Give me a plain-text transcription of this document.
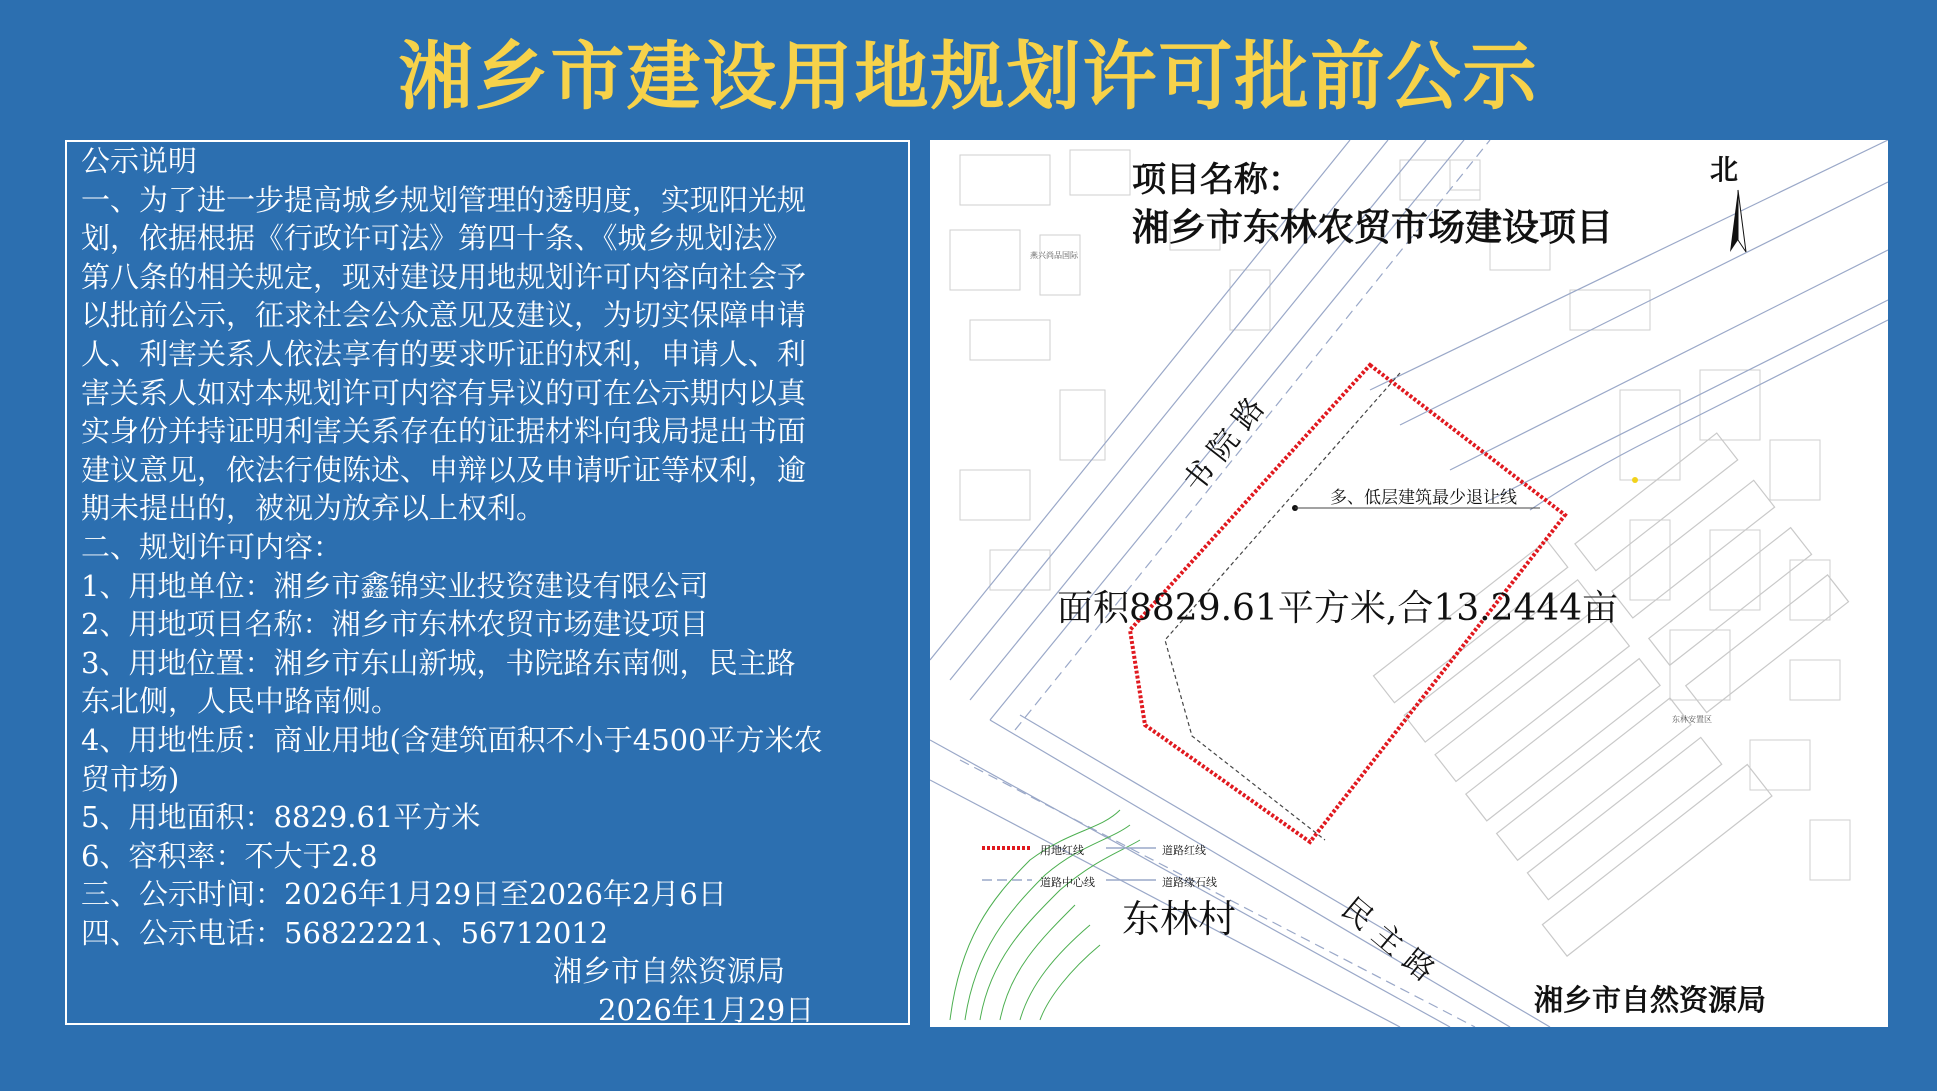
湘乡市建设用地规划许可批前公示
公示说明
一、为了进一步提高城乡规划管理的透明度，实现阳光规
划，依据根据《行政许可法》第四十条、《城乡规划法》
第八条的相关规定，现对建设用地规划许可内容向社会予
以批前公示，征求社会公众意见及建议，为切实保障申请
人、利害关系人依法享有的要求听证的权利，申请人、利
害关系人如对本规划许可内容有异议的可在公示期内以真
实身份并持证明利害关系存在的证据材料向我局提出书面
建议意见，依法行使陈述、申辩以及申请听证等权利，逾
期未提出的，被视为放弃以上权利。
二、规划许可内容：
1、用地单位：湘乡市鑫锦实业投资建设有限公司
2、用地项目名称：湘乡市东林农贸市场建设项目
3、用地位置：湘乡市东山新城，书院路东南侧，民主路
东北侧，人民中路南侧。
4、用地性质：商业用地(含建筑面积不小于4500平方米农
贸市场)
5、用地面积：8829.61平方米
6、容积率：不大于2.8
三、公示时间：2026年1月29日至2026年2月6日
四、公示电话：56822221、56712012
湘乡市自然资源局
2026年1月29日
项目名称：
湘乡市东林农贸市场建设项目
北
书院路	多、低层建筑最少退让线
面积8829.61平方米,合13.2444亩
用地红线	道路红线
道路中心线	道路缘石线
东林村	民主路
湘乡市自然资源局
燕兴尚品国际
东林安置区
